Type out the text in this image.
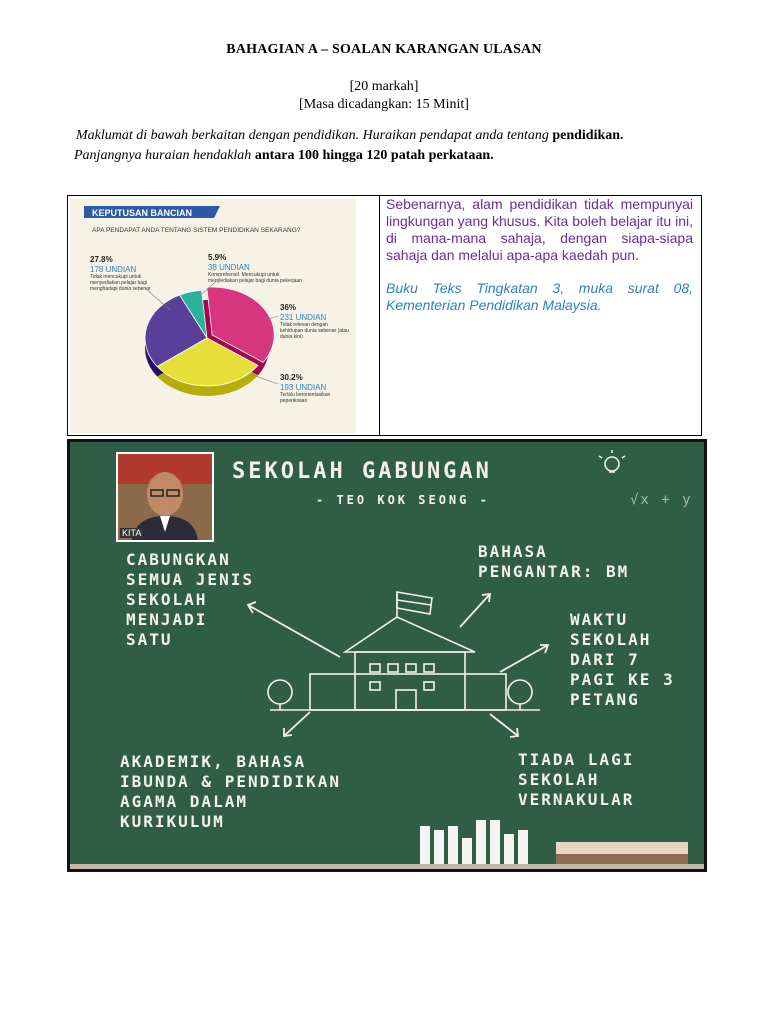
BAHAGIAN A – SOALAN KARANGAN ULASAN
[20 markah]
[Masa dicadangkan: 15 Minit]
Maklumat di bawah berkaitan dengan pendidikan. Huraikan pendapat anda tentang pendidikan.
Panjangnya huraian hendaklah antara 100 hingga 120 patah perkataan.
KEPUTUSAN BANCIAN
APA PENDAPAT ANDA TENTANG SISTEM PENDIDIKAN SEKARANG?
27.8%
178 UNDIAN
Tidak mencukupi untuk menyediakan pelajar bagi menghadapi dunia sebenar
5.9%
38 UNDIAN
Komprehensif. Mencukupi untuk menyediakan pelajar bagi dunia pekerjaan
36%
231 UNDIAN
Tidak relevan dengan kehidupan dunia sebenar (atau dunia kini)
30.2%
193 UNDIAN
Terlalu berorientasikan peperiksaan

Sebenarnya, alam pendidikan tidak mempunyai lingkungan yang khusus. Kita boleh belajar itu ini, di mana-mana sahaja, dengan siapa-siapa sahaja dan melalui apa-apa kaedah pun.

Buku Teks Tingkatan 3, muka surat 08, Kementerian Pendidikan Malaysia.

KITA
SEKOLAH GABUNGAN
- TEO KOK SEONG -	√x + y
CABUNGKAN
SEMUA JENIS
SEKOLAH
MENJADI
SATU
BAHASA
PENGANTAR: BM
WAKTU
SEKOLAH
DARI 7
PAGI KE 3
PETANG
AKADEMIK, BAHASA
IBUNDA & PENDIDIKAN
AGAMA DALAM
KURIKULUM
TIADA LAGI
SEKOLAH
VERNAKULAR
